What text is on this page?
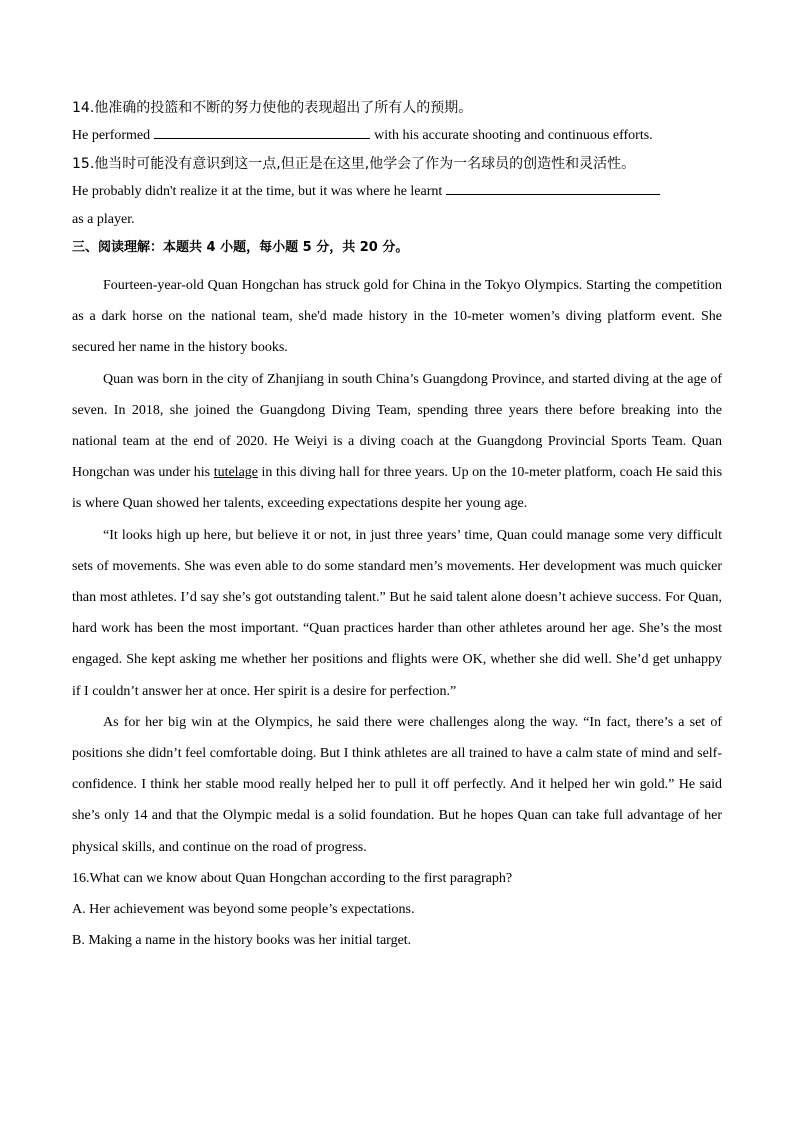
14.他准确的投篮和不断的努力使他的表现超出了所有人的预期。

He performed	with his accurate shooting and continuous efforts.

15.他当时可能没有意识到这一点,但正是在这里,他学会了作为一名球员的创造性和灵活性。

He probably didn't realize it at the time, but it was where he learnt

as a player.

三、阅读理解：本题共 4 小题，每小题 5 分，共 20 分。

Fourteen-year-old Quan Hongchan has struck gold for China in the Tokyo Olympics. Starting the competition as a dark horse on the national team, she'd made history in the 10-meter women’s diving platform event. She secured her name in the history books.

Quan was born in the city of Zhanjiang in south China’s Guangdong Province, and started diving at the age of seven. In 2018, she joined the Guangdong Diving Team, spending three years there before breaking into the national team at the end of 2020. He Weiyi is a diving coach at the Guangdong Provincial Sports Team. Quan Hongchan was under his tutelage in this diving hall for three years. Up on the 10-meter platform, coach He said this is where Quan showed her talents, exceeding expectations despite her young age.

“It looks high up here, but believe it or not, in just three years’ time, Quan could manage some very difficult sets of movements. She was even able to do some standard men’s movements. Her development was much quicker than most athletes. I’d say she’s got outstanding talent.” But he said talent alone doesn’t achieve success. For Quan, hard work has been the most important. “Quan practices harder than other athletes around her age. She’s the most engaged. She kept asking me whether her positions and flights were OK, whether she did well. She’d get unhappy if I couldn’t answer her at once. Her spirit is a desire for perfection.”

As for her big win at the Olympics, he said there were challenges along the way. “In fact, there’s a set of positions she didn’t feel comfortable doing. But I think athletes are all trained to have a calm state of mind and self-confidence. I think her stable mood really helped her to pull it off perfectly. And it helped her win gold.” He said she’s only 14 and that the Olympic medal is a solid foundation. But he hopes Quan can take full advantage of her physical skills, and continue on the road of progress.

16.What can we know about Quan Hongchan according to the first paragraph?

A. Her achievement was beyond some people’s expectations.

B. Making a name in the history books was her initial target.
